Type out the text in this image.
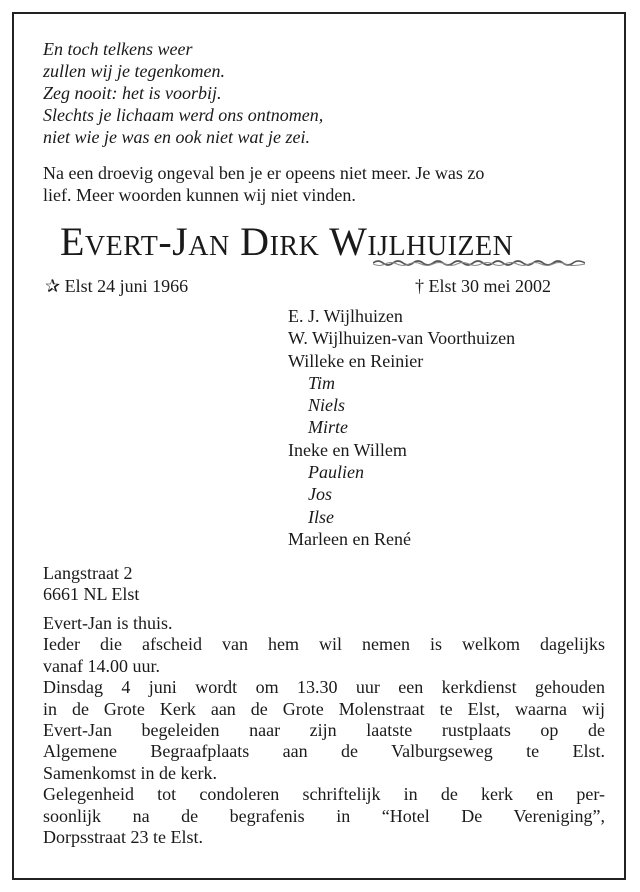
En toch telkens weer
zullen wij je tegenkomen.
Zeg nooit: het is voorbij.
Slechts je lichaam werd ons ontnomen,
niet wie je was en ook niet wat je zei.
Na een droevig ongeval ben je er opeens niet meer. Je was zo
lief. Meer woorden kunnen wij niet vinden.
Evert-Jan Dirk Wijlhuizen
✰ Elst 24 juni 1966	† Elst 30 mei 2002
E. J. Wijlhuizen
W. Wijlhuizen-van Voorthuizen
Willeke en Reinier
Tim
Niels
Mirte
Ineke en Willem
Paulien
Jos
Ilse
Marleen en René
Langstraat 2
6661 NL Elst
Evert-Jan is thuis.
Ieder die afscheid van hem wil nemen is welkom dagelijks
vanaf 14.00 uur.
Dinsdag 4 juni wordt om 13.30 uur een kerkdienst gehouden
in de Grote Kerk aan de Grote Molenstraat te Elst, waarna wij
Evert-Jan begeleiden naar zijn laatste rustplaats op de
Algemene Begraafplaats aan de Valburgseweg te Elst.
Samenkomst in de kerk.
Gelegenheid tot condoleren schriftelijk in de kerk en per-
soonlijk na de begrafenis in “Hotel De Vereniging”,
Dorpsstraat 23 te Elst.
